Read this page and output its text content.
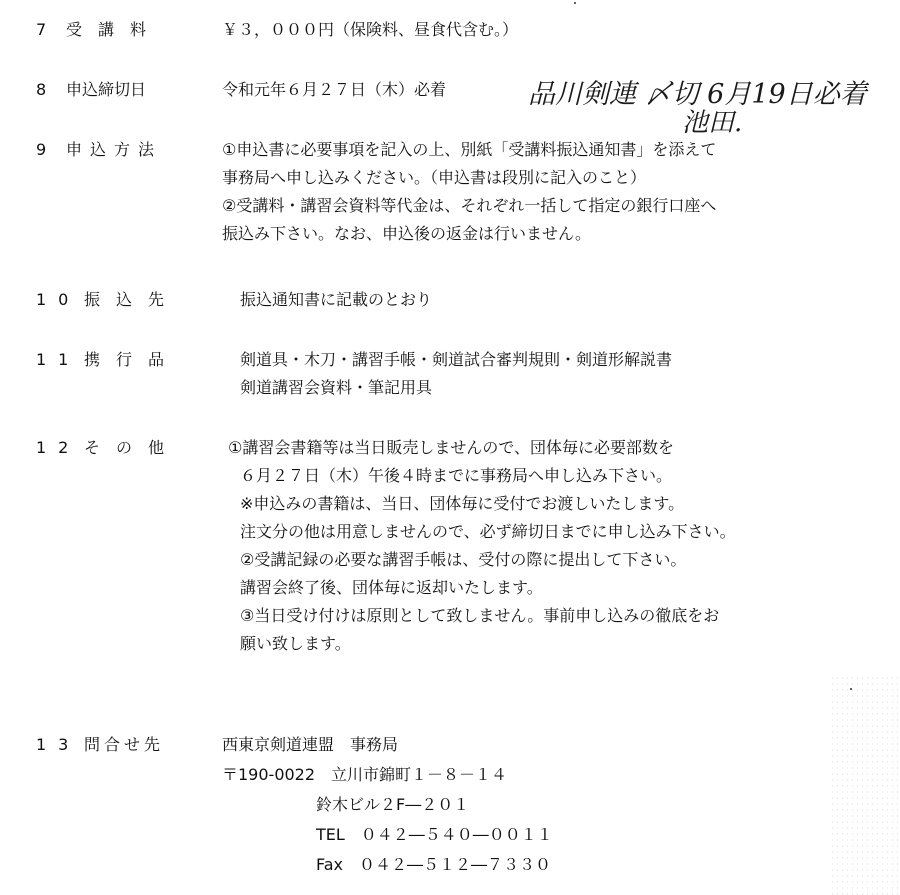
7 受　講　料	￥３，０００円（保険料、昼食代含む。）
8 申込締切日	令和元年６月２７日（木）必着	品川剣連 〆切 6月19日必着
池田.
9 申込方法	①申込書に必要事項を記入の上、別紙「受講料振込通知書」を添えて
事務局へ申し込みください。（申込書は段別に記入のこと）
②受講料・講習会資料等代金は、それぞれ一括して指定の銀行口座へ
振込み下さい。なお、申込後の返金は行いません。
10 振　込　先	振込通知書に記載のとおり
11 携　行　品	剣道具・木刀・講習手帳・剣道試合審判規則・剣道形解説書
剣道講習会資料・筆記用具
12 そ　の　他	①講習会書籍等は当日販売しませんので、団体毎に必要部数を
６月２７日（木）午後４時までに事務局へ申し込み下さい。
※申込みの書籍は、当日、団体毎に受付でお渡しいたします。
注文分の他は用意しませんので、必ず締切日までに申し込み下さい。
②受講記録の必要な講習手帳は、受付の際に提出して下さい。
講習会終了後、団体毎に返却いたします。
③当日受け付けは原則として致しません。事前申し込みの徹底をお
願い致します。
13 問合せ先	西東京剣道連盟　事務局
〒190-0022　立川市錦町１－８－１４
鈴木ビル２F―２０１
TEL　０４２―５４０―００１１
Fax　０４２―５１２―７３３０
